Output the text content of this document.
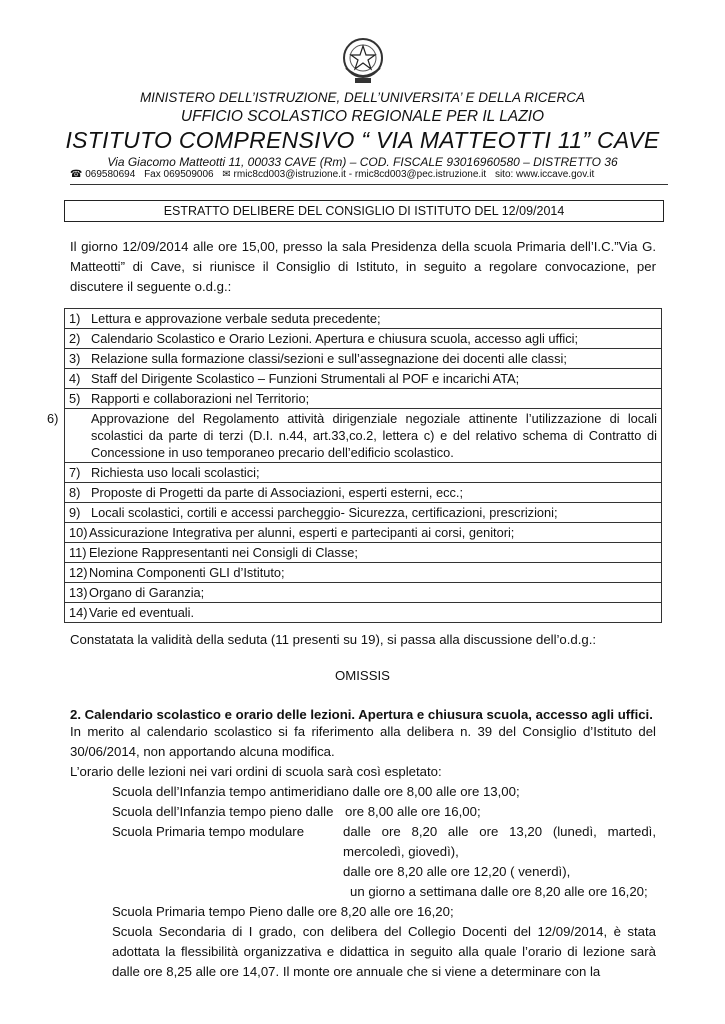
MINISTERO DELL’ISTRUZIONE, DELL’UNIVERSITA’ E DELLA RICERCA
UFFICIO SCOLASTICO REGIONALE PER IL LAZIO
ISTITUTO COMPRENSIVO “ VIA MATTEOTTI 11” CAVE
Via Giacomo Matteotti 11, 00033 CAVE (Rm) – COD. FISCALE 93016960580 – DISTRETTO 36
☎ 069580694 Fax 069509006 ✉ rmic8cd003@istruzione.it - rmic8cd003@pec.istruzione.it sito: www.iccave.gov.it
ESTRATTO DELIBERE DEL CONSIGLIO DI ISTITUTO DEL 12/09/2014
Il giorno 12/09/2014 alle ore 15,00, presso la sala Presidenza della scuola Primaria dell’I.C.”Via G. Matteotti” di Cave, si riunisce il Consiglio di Istituto, in seguito a regolare convocazione, per discutere il seguente o.d.g.:
1) Lettura e approvazione verbale seduta precedente;
2) Calendario Scolastico e Orario Lezioni. Apertura e chiusura scuola, accesso agli uffici;
3) Relazione sulla formazione classi/sezioni e sull’assegnazione dei docenti alle classi;
4) Staff del Dirigente Scolastico – Funzioni Strumentali al POF e incarichi ATA;
5) Rapporti e collaborazioni nel Territorio;
6)	Approvazione del Regolamento attività dirigenziale negoziale attinente l’utilizzazione di locali scolastici da parte di terzi (D.I. n.44, art.33,co.2, lettera c) e del relativo schema di Contratto di Concessione in uso temporaneo precario dell’edificio scolastico.
7) Richiesta uso locali scolastici;
8) Proposte di Progetti da parte di Associazioni, esperti esterni, ecc.;
9) Locali scolastici, cortili e accessi parcheggio- Sicurezza, certificazioni, prescrizioni;
10) Assicurazione Integrativa per alunni, esperti e partecipanti ai corsi, genitori;
11) Elezione Rappresentanti nei Consigli di Classe;
12) Nomina Componenti GLI d’Istituto;
13) Organo di Garanzia;
14) Varie ed eventuali.
Constatata la validità della seduta (11 presenti su 19), si passa alla discussione dell’o.d.g.:
OMISSIS
2. Calendario scolastico e orario delle lezioni. Apertura e chiusura scuola, accesso agli uffici.
In merito al calendario scolastico si fa riferimento alla delibera n. 39 del Consiglio d’Istituto del 30/06/2014, non apportando alcuna modifica.
L’orario delle lezioni nei vari ordini di scuola sarà così espletato:
Scuola dell’Infanzia tempo antimeridiano dalle ore 8,00 alle ore 13,00;
Scuola dell’Infanzia tempo pieno dalle ore 8,00 alle ore 16,00;
Scuola Primaria tempo modulare	dalle ore 8,20 alle ore 13,20 (lunedì, martedì,
mercoledì, giovedì),
dalle ore 8,20 alle ore 12,20 ( venerdì),
un giorno a settimana dalle ore 8,20 alle ore 16,20;
Scuola Primaria tempo Pieno dalle ore 8,20 alle ore 16,20;
Scuola Secondaria di I grado, con delibera del Collegio Docenti del 12/09/2014, è stata adottata la flessibilità organizzativa e didattica in seguito alla quale l’orario di lezione sarà dalle ore 8,25 alle ore 14,07. Il monte ore annuale che si viene a determinare con la
